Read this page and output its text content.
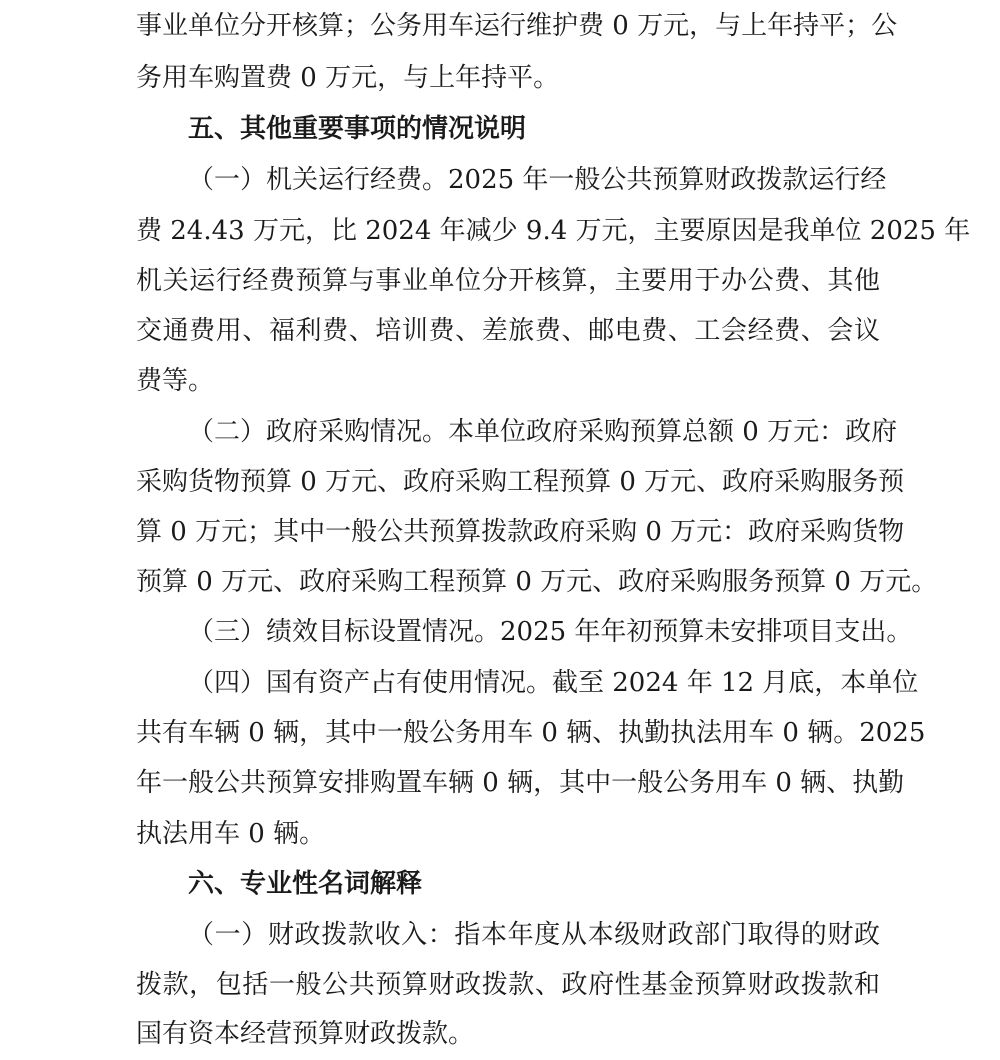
事业单位分开核算；公务用车运行维护费 0 万元，与上年持平；公
务用车购置费 0 万元，与上年持平。
五、其他重要事项的情况说明
（一）机关运行经费。2025 年一般公共预算财政拨款运行经
费 24.43 万元，比 2024 年减少 9.4 万元，主要原因是我单位 2025 年
机关运行经费预算与事业单位分开核算，主要用于办公费、其他
交通费用、福利费、培训费、差旅费、邮电费、工会经费、会议
费等。
（二）政府采购情况。本单位政府采购预算总额 0 万元：政府
采购货物预算 0 万元、政府采购工程预算 0 万元、政府采购服务预
算 0 万元；其中一般公共预算拨款政府采购 0 万元：政府采购货物
预算 0 万元、政府采购工程预算 0 万元、政府采购服务预算 0 万元。
（三）绩效目标设置情况。2025 年年初预算未安排项目支出。
（四）国有资产占有使用情况。截至 2024 年 12 月底，本单位
共有车辆 0 辆，其中一般公务用车 0 辆、执勤执法用车 0 辆。2025
年一般公共预算安排购置车辆 0 辆，其中一般公务用车 0 辆、执勤
执法用车 0 辆。
六、专业性名词解释
（一）财政拨款收入：指本年度从本级财政部门取得的财政
拨款，包括一般公共预算财政拨款、政府性基金预算财政拨款和
国有资本经营预算财政拨款。
